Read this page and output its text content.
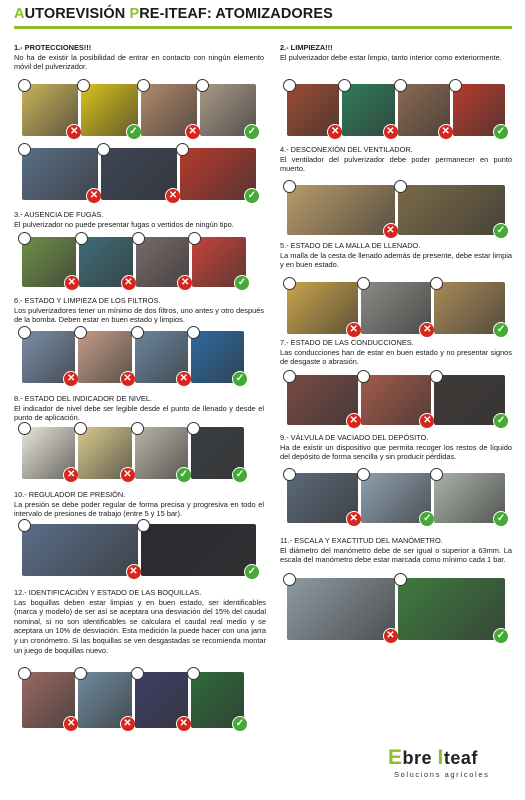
AUTOREVISIÓN PRE-ITEAF: ATOMIZADORES
1.- PROTECCIONES!!!
No ha de existir la posibilidad de entrar en contacto con ningún elemento móvil del pulverizador.
✕	✓	✕	✓
✕	✕	✓
3.- AUSENCIA DE FUGAS.
El pulverizador no puede presentar fugas o vertidos de ningún tipo.
✕	✕	✕	✓
6.- ESTADO Y LIMPIEZA DE LOS FILTROS.
Los pulverizadores tener un mínimo de dos filtros, uno antes y otro después de la bomba. Deben estar en buen estado y limpios.
✕	✕	✕	✓
8.- ESTADO DEL INDICADOR DE NIVEL.
El indicador de nivel debe ser legible desde el punto de llenado y desde el punto de aplicación.
✕	✕	✓	✓
10.- REGULADOR DE PRESIÓN.
La presión se debe poder regular de forma precisa y progresiva en todo el intervalo de presiones de trabajo (entre 5 y 15 bar).
✕	✓
12.- IDENTIFICACIÓN Y ESTADO DE LAS BOQUILLAS.
Las boquillas deben estar limpias y en buen estado, ser identificables (marca y modelo) de ser así se aceptara una desviación del 15% del caudal nominal, si no son identificables se calculara el caudal real medio y se aceptara un 10% de desviación. Esta medición la puede hacer con una jarra y un cronómetro. Si las boquillas se ven desgastadas se recomienda montar un juego de boquillas nuevo.
✕	✕	✕	✓
2.- LIMPIEZA!!!
El pulverizador debe estar limpio, tanto interior como exteriormente.
✕	✕	✕	✓
4.- DESCONEXIÓN DEL VENTILADOR.
El ventilador del pulverizador debe poder permanecer en punto muerto.
✕	✓
5.- ESTADO DE LA MALLA DE LLENADO.
La malla de la cesta de llenado además de presente, debe estar limpia y en buen estado.
✕	✕	✓
7.- ESTADO DE LAS CONDUCCIONES.
Las conducciones han de estar en buen estado y no presentar signos de desgaste o abrasión.
✕	✕	✓
9.- VÁLVULA DE VACIADO DEL DEPÓSITO.
Ha de existir un dispositivo que permita recoger los restos de líquido del depósito de forma sencilla y sin producir pérdidas.
✕	✓	✓
11.- ESCALA Y EXACTITUD DEL MANÓMETRO.
El diámetro del manómetro debe de ser igual o superior a 63mm. La escala del manómetro debe estar marcada como mínimo cada 1 bar.
✕	✓
Ebre Iteaf
Solucions agrícoles
